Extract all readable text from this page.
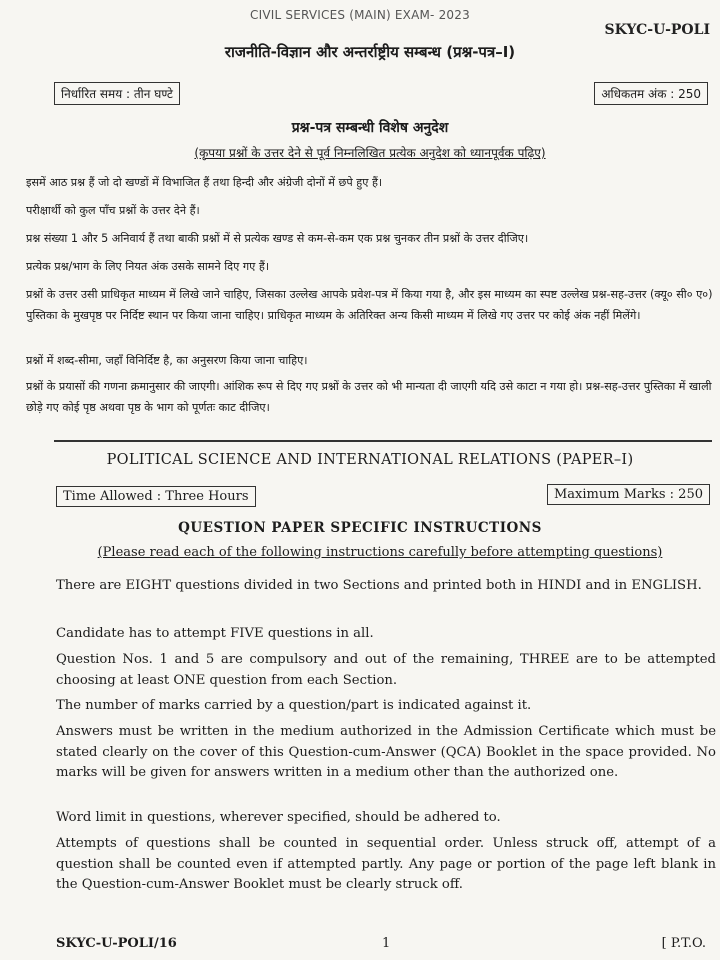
CIVIL SERVICES (MAIN) EXAM- 2023
SKYC-U-POLI
राजनीति-विज्ञान और अन्तर्राष्ट्रीय सम्बन्ध (प्रश्न-पत्र–I)
निर्धारित समय : तीन घण्टे	अधिकतम अंक : 250
प्रश्न-पत्र सम्बन्धी विशेष अनुदेश
(कृपया प्रश्नों के उत्तर देने से पूर्व निम्नलिखित प्रत्येक अनुदेश को ध्यानपूर्वक पढ़िए)

इसमें आठ प्रश्न हैं जो दो खण्डों में विभाजित हैं तथा हिन्दी और अंग्रेजी दोनों में छपे हुए हैं।

परीक्षार्थी को कुल पाँच प्रश्नों के उत्तर देने हैं।

प्रश्न संख्या 1 और 5 अनिवार्य हैं तथा बाकी प्रश्नों में से प्रत्येक खण्ड से कम-से-कम एक प्रश्न चुनकर तीन प्रश्नों के उत्तर दीजिए।

प्रत्येक प्रश्न/भाग के लिए नियत अंक उसके सामने दिए गए हैं।

प्रश्नों के उत्तर उसी प्राधिकृत माध्यम में लिखे जाने चाहिए, जिसका उल्लेख आपके प्रवेश-पत्र में किया गया है, और इस माध्यम का स्पष्ट उल्लेख प्रश्न-सह-उत्तर (क्यू० सी० ए०) पुस्तिका के मुखपृष्ठ पर निर्दिष्ट स्थान पर किया जाना चाहिए। प्राधिकृत माध्यम के अतिरिक्त अन्य किसी माध्यम में लिखे गए उत्तर पर कोई अंक नहीं मिलेंगे।

प्रश्नों में शब्द-सीमा, जहाँ विनिर्दिष्ट है, का अनुसरण किया जाना चाहिए।

प्रश्नों के प्रयासों की गणना क्रमानुसार की जाएगी। आंशिक रूप से दिए गए प्रश्नों के उत्तर को भी मान्यता दी जाएगी यदि उसे काटा न गया हो। प्रश्न-सह-उत्तर पुस्तिका में खाली छोड़े गए कोई पृष्ठ अथवा पृष्ठ के भाग को पूर्णतः काट दीजिए।

POLITICAL SCIENCE AND INTERNATIONAL RELATIONS (PAPER–I)
Time Allowed : Three Hours	Maximum Marks : 250
QUESTION PAPER SPECIFIC INSTRUCTIONS
(Please read each of the following instructions carefully before attempting questions)

There are EIGHT questions divided in two Sections and printed both in HINDI and in ENGLISH.

Candidate has to attempt FIVE questions in all.

Question Nos. 1 and 5 are compulsory and out of the remaining, THREE are to be attempted choosing at least ONE question from each Section.

The number of marks carried by a question/part is indicated against it.

Answers must be written in the medium authorized in the Admission Certificate which must be stated clearly on the cover of this Question-cum-Answer (QCA) Booklet in the space provided. No marks will be given for answers written in a medium other than the authorized one.

Word limit in questions, wherever specified, should be adhered to.

Attempts of questions shall be counted in sequential order. Unless struck off, attempt of a question shall be counted even if attempted partly. Any page or portion of the page left blank in the Question-cum-Answer Booklet must be clearly struck off.

SKYC-U-POLI/16	1	[ P.T.O.
